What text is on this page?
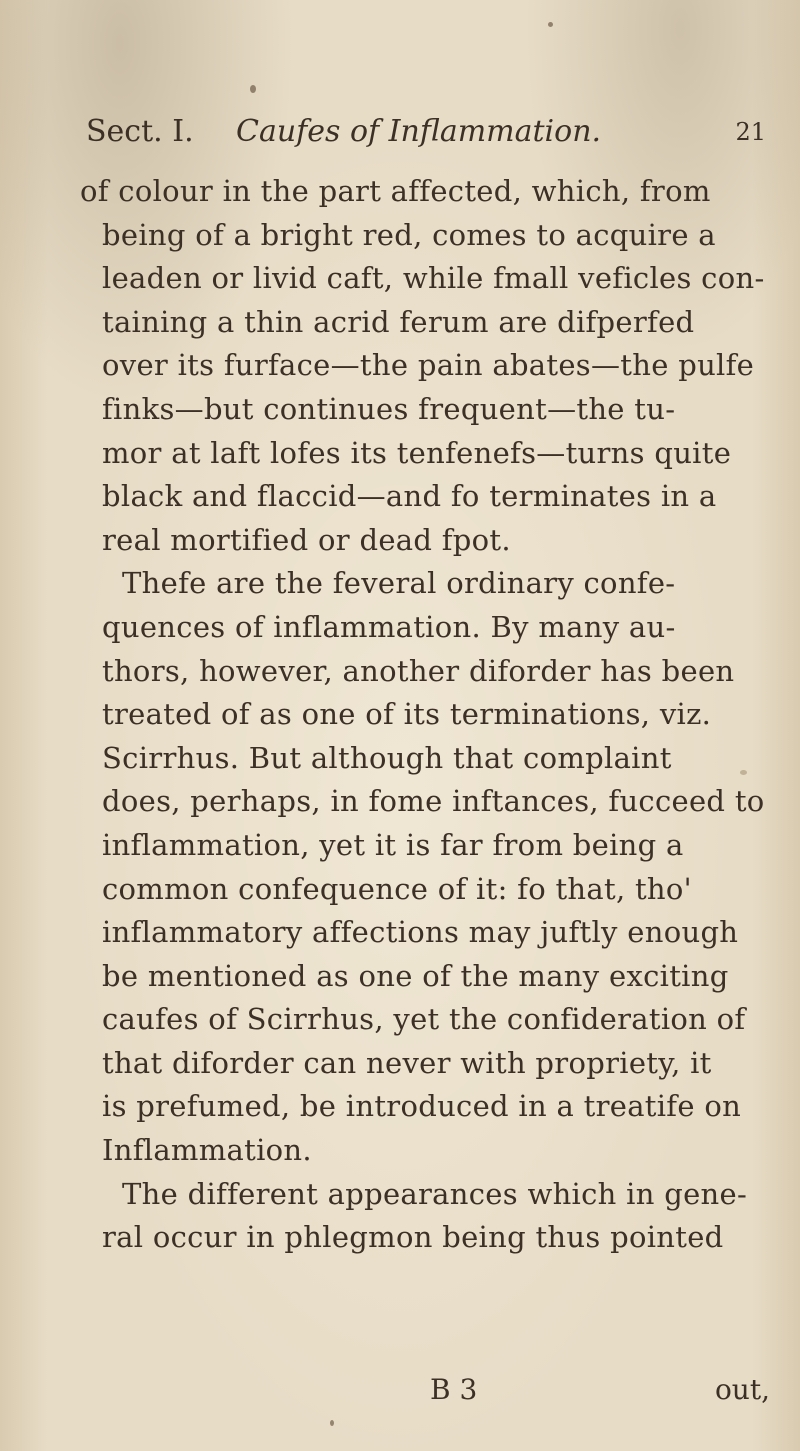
Sect. I. Caufes of Inflammation.	21
of colour in the part affected, which, from
being of a bright red, comes to acquire a
leaden or livid caft, while fmall veficles con-
taining a thin acrid ferum are difperfed
over its furface—the pain abates—the pulfe
finks—but continues frequent—the tu-
mor at laft lofes its tenfenefs—turns quite
black and flaccid—and fo terminates in a
real mortified or dead fpot.
Thefe are the feveral ordinary confe-
quences of inflammation. By many au-
thors, however, another diforder has been
treated of as one of its terminations, viz.
Scirrhus. But although that complaint
does, perhaps, in fome inftances, fucceed to
inflammation, yet it is far from being a
common confequence of it: fo that, tho'
inflammatory affections may juftly enough
be mentioned as one of the many exciting
caufes of Scirrhus, yet the confideration of
that diforder can never with propriety, it
is prefumed, be introduced in a treatife on
Inflammation.
The different appearances which in gene-
ral occur in phlegmon being thus pointed
B 3	out,
